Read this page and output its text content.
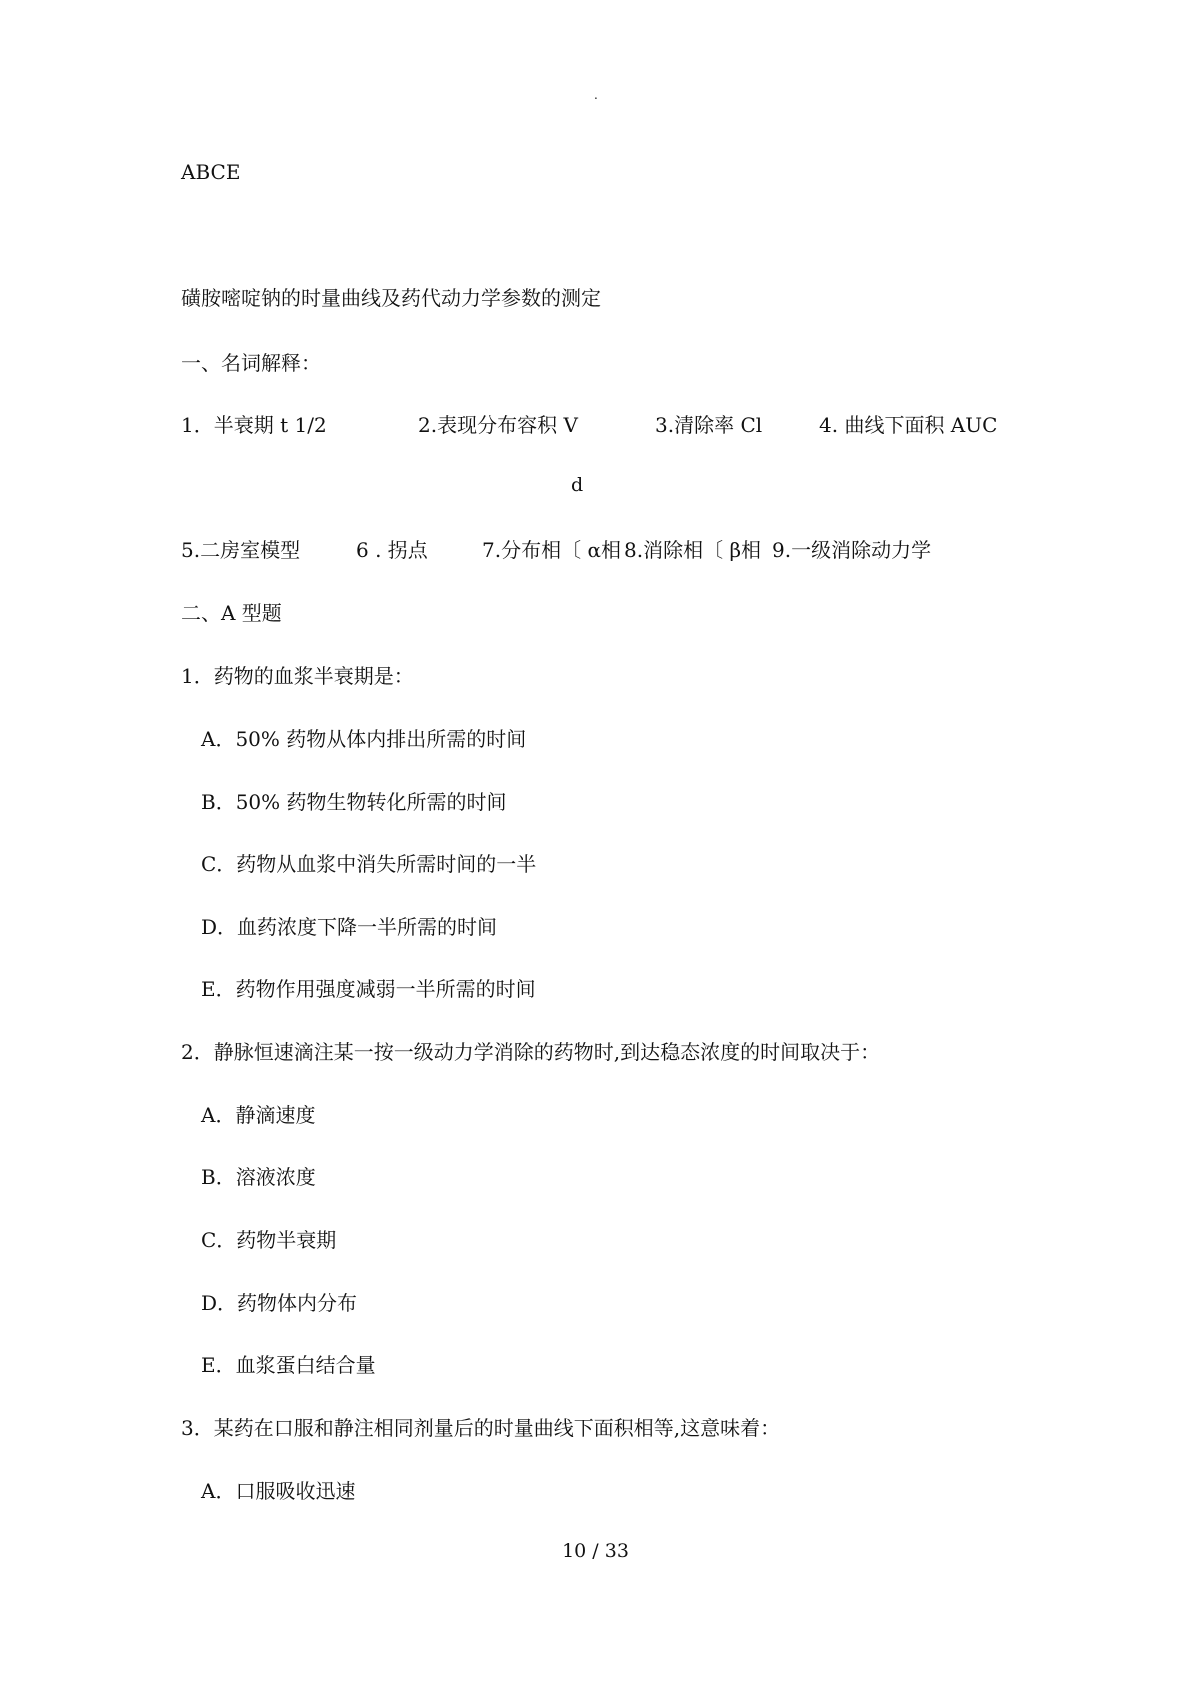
.
ABCE
磺胺嘧啶钠的时量曲线及药代动力学参数的测定
一、名词解释：
1．半衰期 t 1/2	2.表现分布容积 V	3.清除率 Cl	4. 曲线下面积 AUC
d
5.二房室模型	6 . 拐点	7.分布相〔 α相 8.消除相〔 β相 9.一级消除动力学
二、A 型题
1．药物的血浆半衰期是：
A．50% 药物从体内排出所需的时间
B．50% 药物生物转化所需的时间
C．药物从血浆中消失所需时间的一半
D．血药浓度下降一半所需的时间
E．药物作用强度减弱一半所需的时间
2．静脉恒速滴注某一按一级动力学消除的药物时,到达稳态浓度的时间取决于：
A．静滴速度
B．溶液浓度
C．药物半衰期
D．药物体内分布
E．血浆蛋白结合量
3．某药在口服和静注相同剂量后的时量曲线下面积相等,这意味着：
A．口服吸收迅速
10 / 33
